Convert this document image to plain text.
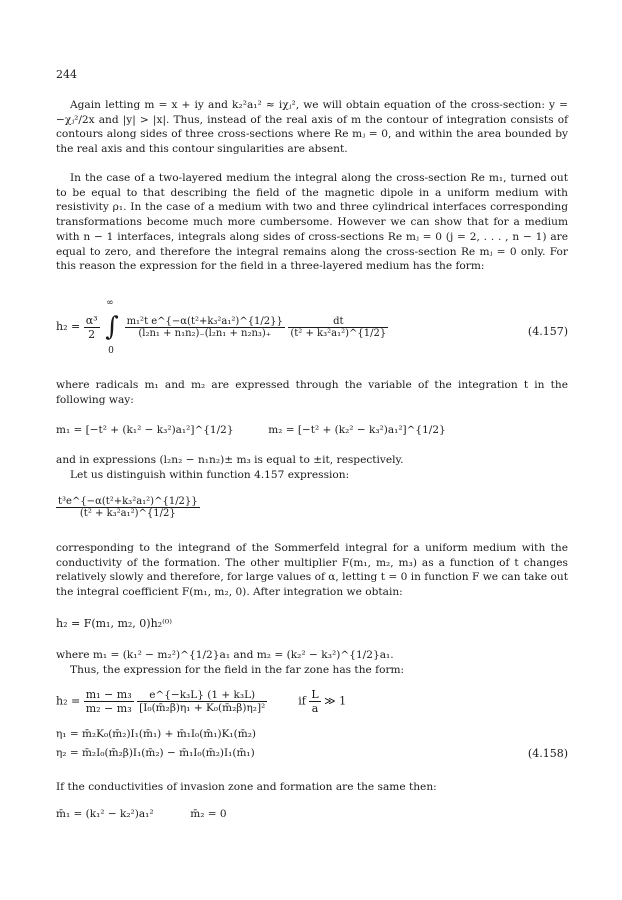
244

Again letting m = x + iy and k₂²a₁² ≈ iχⱼ², we will obtain equation of the cross-section: y = −χⱼ²/2x and |y| > |x|. Thus, instead of the real axis of m the contour of integration consists of contours along sides of three cross-sections where Re mⱼ = 0, and within the area bounded by the real axis and this contour singularities are absent.

In the case of a two-layered medium the integral along the cross-section Re m₁, turned out to be equal to that describing the field of the magnetic dipole in a uniform medium with resistivity ρ₁. In the case of a medium with two and three cylindrical interfaces corresponding transformations become much more cumbersome. However we can show that for a medium with n − 1 interfaces, integrals along sides of cross-sections Re mⱼ = 0 (j = 2, . . . , n − 1) are equal to zero, and therefore the integral remains along the cross-section Re mⱼ = 0 only. For this reason the expression for the field in a three-layered medium has the form:

$h_2 = \frac{\text{α³}}{2}$ ∫
∞
0

$\frac{\text{m₁²t e\textasciicircum{}\{−α(t²+k₃²a₁²)\textasciicircum{}\{1/2\}\}}}{\text{(l₂n₁ + n₁n₂)₋(l₂n₁ + n₂n₃)₊}}$
$\frac{dt}{\text{(t² + k₃²a₁²)\textasciicircum{}\{1/2\}}}$	(4.157)

where radicals m₁ and m₂ are expressed through the variable of the integration t in the following way:

m₁ = [−t² + (k₁² − k₃²)a₁²]^{1/2}	m₂ = [−t² + (k₂² − k₃²)a₁²]^{1/2}

and in expressions (l₂n₂ − n₁n₂)± m₃ is equal to ±it, respectively.

Let us distinguish within function 4.157 expression:

$\frac{\text{t³e\textasciicircum{}\{−α(t²+k₃²a₁²)\textasciicircum{}\{1/2\}\}}}{\text{(t² + k₃²a₁²)\textasciicircum{}\{1/2\}}}$

corresponding to the integrand of the Sommerfeld integral for a uniform medium with the conductivity of the formation. The other multiplier F(m₁, m₂, m₃) as a function of t changes relatively slowly and therefore, for large values of α, letting t = 0 in function F we can take out the integral coefficient F(m₁, m₂, 0). After integration we obtain:

h₂ = F(m₁, m₂, 0)h₂⁽⁰⁾

where m₁ = (k₁² − m₂²)^{1/2}a₁ and m₂ = (k₂² − k₃²)^{1/2}a₁.

Thus, the expression for the field in the far zone has the form:

$h_2 = \frac{\text{m₁ − m₃}}{\text{m₂ − m₃}}$
$\frac{\text{e\textasciicircum{}\{−k₃L\} (1 + k₃L)}}{\text{[I₀(m̄₂β)η₁ + K₀(m̄₂β)η₂]²}}$	if $\frac{L}{a}$ ≫ 1
η₁ = m̄₂K₀(m̄₂)I₁(m̄₁) + m̄₁I₀(m̄₁)K₁(m̄₂)
η₂ = m̄₂I₀(m̄₂β)I₁(m̄₂) − m̄₁I₀(m̄₂)I₁(m̄₁)	(4.158)

If the conductivities of invasion zone and formation are the same then:

m̄₁ = (k₁² − k₂²)a₁²	m̄₂ = 0
